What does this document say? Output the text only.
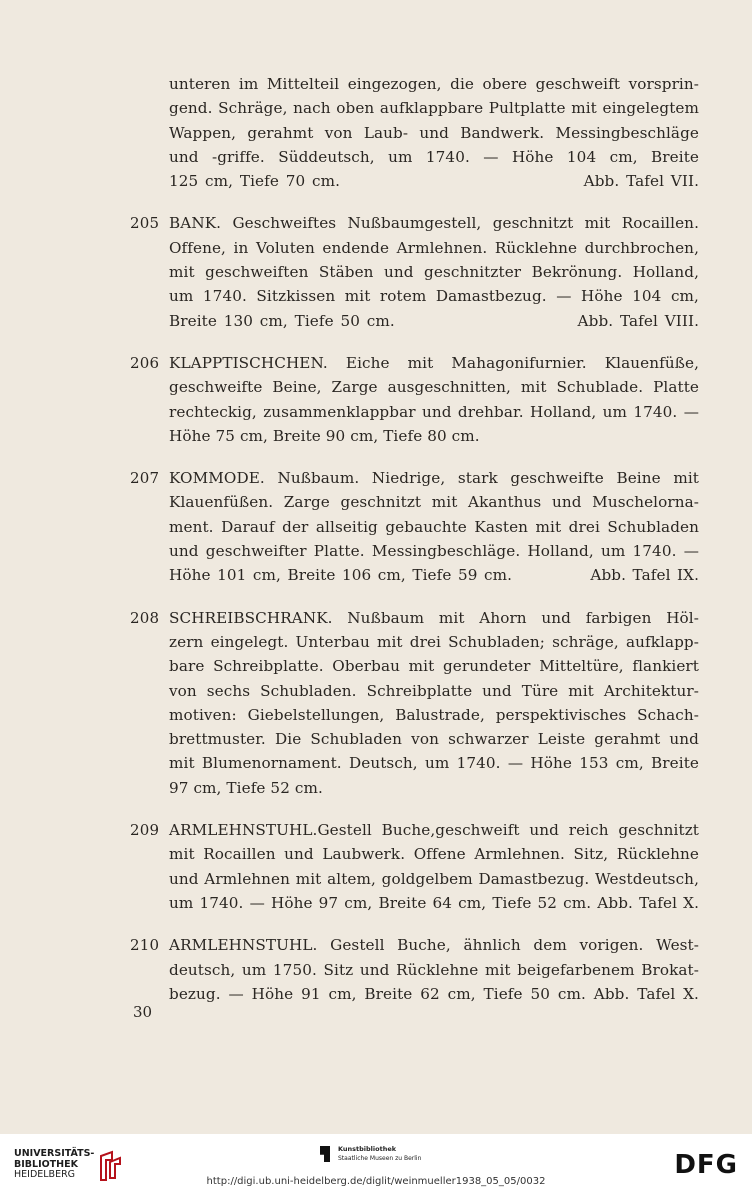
unteren im Mittelteil eingezogen, die obere geschweift vorsprin-
gend. Schräge, nach oben aufklappbare Pultplatte mit eingelegtem
Wappen, gerahmt von Laub- und Bandwerk. Messingbeschläge
und -griffe. Süddeutsch, um 1740. — Höhe 104 cm, Breite
125 cm, Tiefe 70 cm.                                    Abb. Tafel VII.
205 BANK. Geschweiftes Nußbaumgestell, geschnitzt mit Rocaillen.
Offene, in Voluten endende Armlehnen. Rücklehne durchbrochen,
mit geschweiften Stäben und geschnitzter Bekrönung. Holland,
um 1740. Sitzkissen mit rotem Damastbezug. — Höhe 104 cm,
Breite 130 cm, Tiefe 50 cm.                           Abb. Tafel VIII.
206 KLAPPTISCHCHEN. Eiche mit Mahagonifurnier. Klauenfüße,
geschweifte Beine, Zarge ausgeschnitten, mit Schublade. Platte
rechteckig, zusammenklappbar und drehbar. Holland, um 1740. —
Höhe 75 cm, Breite 90 cm, Tiefe 80 cm.
207 KOMMODE. Nußbaum. Niedrige, stark geschweifte Beine mit
Klauenfüßen. Zarge geschnitzt mit Akanthus und Muschelorna-
ment. Darauf der allseitig gebauchte Kasten mit drei Schubladen
und geschweifter Platte. Messingbeschläge. Holland, um 1740. —
Höhe 101 cm, Breite 106 cm, Tiefe 59 cm.            Abb. Tafel IX.
208 SCHREIBSCHRANK. Nußbaum mit Ahorn und farbigen Höl-
zern eingelegt. Unterbau mit drei Schubladen; schräge, aufklapp-
bare Schreibplatte. Oberbau mit gerundeter Mitteltüre, flankiert
von sechs Schubladen. Schreibplatte und Türe mit Architektur-
motiven: Giebelstellungen, Balustrade, perspektivisches Schach-
brettmuster. Die Schubladen von schwarzer Leiste gerahmt und
mit Blumenornament. Deutsch, um 1740. — Höhe 153 cm, Breite
97 cm, Tiefe 52 cm.
209 ARMLEHNSTUHL.Gestell Buche,geschweift und reich geschnitzt
mit Rocaillen und Laubwerk. Offene Armlehnen. Sitz, Rücklehne
und Armlehnen mit altem, goldgelbem Damastbezug. Westdeutsch,
um 1740. — Höhe 97 cm, Breite 64 cm, Tiefe 52 cm. Abb. Tafel X.
210 ARMLEHNSTUHL. Gestell Buche, ähnlich dem vorigen. West-
deutsch, um 1750. Sitz und Rücklehne mit beigefarbenem Brokat-
bezug. — Höhe 91 cm, Breite 62 cm, Tiefe 50 cm. Abb. Tafel X.
30
UNIVERSITÄTS-
BIBLIOTHEK
HEIDELBERG
Kunstbibliothek
Staatliche Museen zu Berlin	DFG
http://digi.ub.uni-heidelberg.de/diglit/weinmueller1938_05_05/0032
